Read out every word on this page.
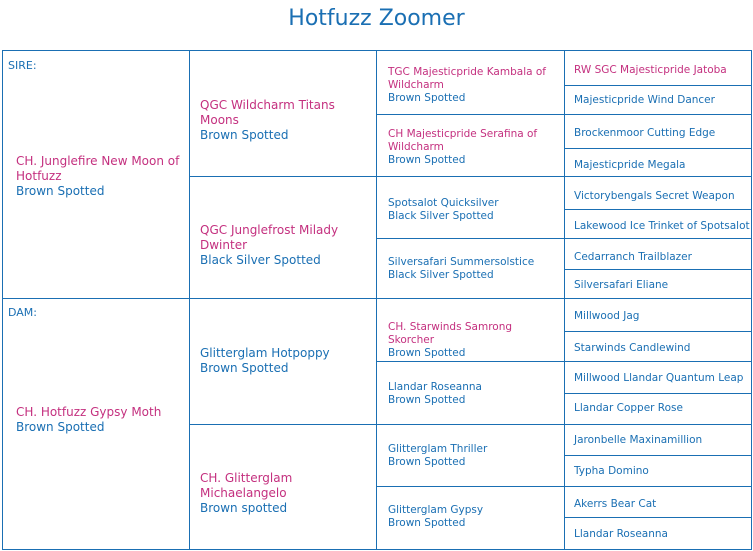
Hotfuzz Zoomer
SIRE:
CH. Junglefire New Moon of Hotfuzz
Brown Spotted
DAM:
CH. Hotfuzz Gypsy Moth
Brown Spotted
QGC Wildcharm Titans Moons
Brown Spotted
QGC Junglefrost Milady Dwinter
Black Silver Spotted
Glitterglam Hotpoppy
Brown Spotted
CH. Glitterglam Michaelangelo
Brown spotted
TGC Majesticpride Kambala of Wildcharm
Brown Spotted
CH Majesticpride Serafina of Wildcharm
Brown Spotted
Spotsalot Quicksilver
Black Silver Spotted
Silversafari Summersolstice
Black Silver Spotted
CH. Starwinds Samrong Skorcher
Brown Spotted
Llandar Roseanna
Brown Spotted
Glitterglam Thriller
Brown Spotted
Glitterglam Gypsy
Brown Spotted
RW SGC Majesticpride Jatoba
Majesticpride Wind Dancer
Brockenmoor Cutting Edge
Majesticpride Megala
Victorybengals Secret Weapon
Lakewood Ice Trinket of Spotsalot
Cedarranch Trailblazer
Silversafari Eliane
Millwood Jag
Starwinds Candlewind
Millwood Llandar Quantum Leap
Llandar Copper Rose
Jaronbelle Maxinamillion
Typha Domino
Akerrs Bear Cat
Llandar Roseanna
